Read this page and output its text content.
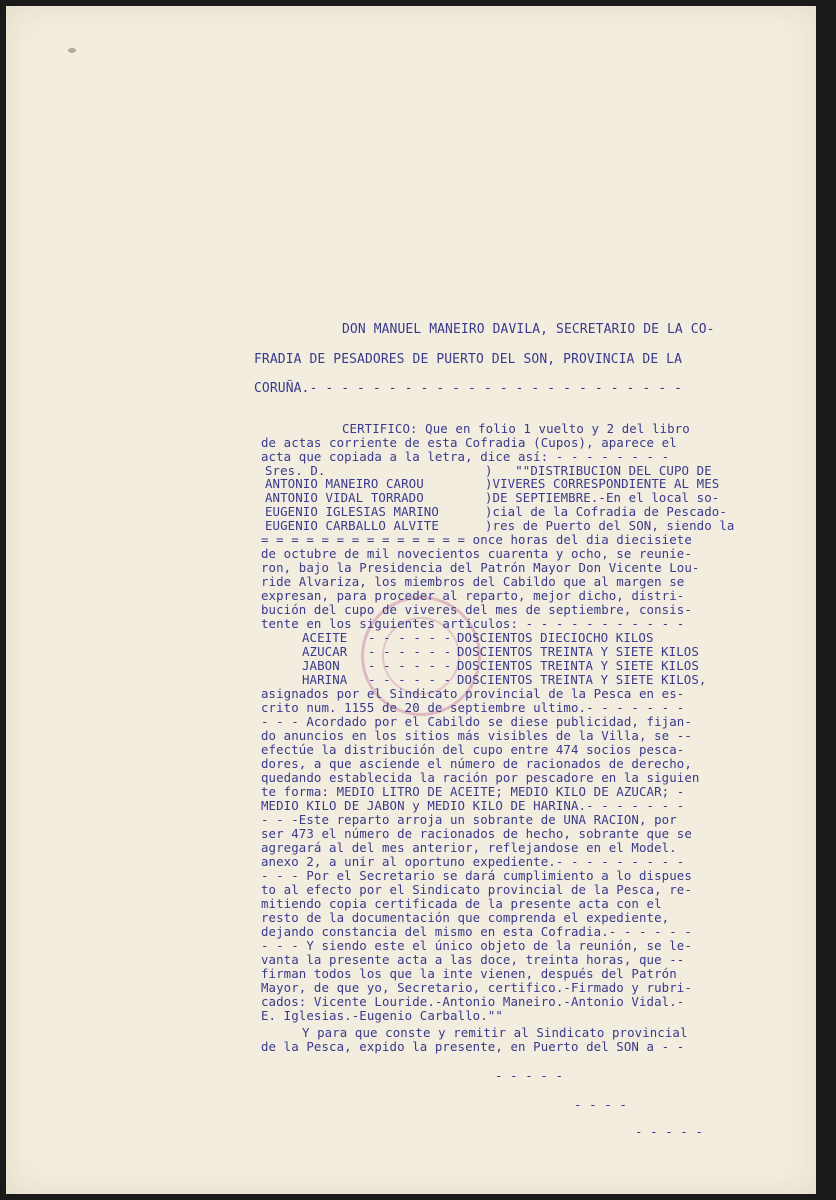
DON MANUEL MANEIRO DAVILA, SECRETARIO DE LA CO-

FRADIA DE PESADORES DE PUERTO DEL SON, PROVINCIA DE LA

CORUÑA.- - - - - - - - - - - - - - - - - - - - - - - -

CERTIFICO: Que en folio 1 vuelto y 2 del libro

de actas corriente de esta Cofradia (Cupos), aparece el

acta que copiada a la letra, dice así: - - - - - - - -

Sres. D.

ANTONIO MANEIRO CAROU

ANTONIO VIDAL TORRADO

EUGENIO IGLESIAS MARINO

EUGENIO CARBALLO ALVITE

)   ""DISTRIBUCION DEL CUPO DE

)VIVERES CORRESPONDIENTE AL MES

)DE SEPTIEMBRE.-En el local so-

)cial de la Cofradia de Pescado-

)res de Puerto del SON, siendo la

= = = = = = = = = = = = = = once horas del dia diecisiete

de octubre de mil novecientos cuarenta y ocho, se reunie-

ron, bajo la Presidencia del Patrón Mayor Don Vicente Lou-

ride Alvariza, los miembros del Cabildo que al margen se

expresan, para proceder al reparto, mejor dicho, distri-

bución del cupo de viveres del mes de septiembre, consis-

tente en los siguientes articulos: - - - - - - - - - - -

ACEITE - - - - - - DOSCIENTOS DIECIOCHO KILOS

AZUCAR - - - - - - DOSCIENTOS TREINTA Y SIETE KILOS

JABON - - - - - - DOSCIENTOS TREINTA Y SIETE KILOS

HARINA - - - - - - DOSCIENTOS TREINTA Y SIETE KILOS,

asignados por el Sindicato provincial de la Pesca en es-

crito num. 1155 de 20 de septiembre ultimo.- - - - - - -

- - - Acordado por el Cabildo se diese publicidad, fijan-

do anuncios en los sitios más visibles de la Villa, se --

efectúe la distribución del cupo entre 474 socios pesca-

dores, a que asciende el número de racionados de derecho,

quedando establecida la ración por pescadore en la siguien

te forma: MEDIO LITRO DE ACEITE; MEDIO KILO DE AZUCAR; -

MEDIO KILO DE JABON y MEDIO KILO DE HARINA.- - - - - - -

- - -Este reparto arroja un sobrante de UNA RACION, por

ser 473 el número de racionados de hecho, sobrante que se

agregará al del mes anterior, reflejandose en el Model.

anexo 2, a unir al oportuno expediente.- - - - - - - - -

- - - Por el Secretario se dará cumplimiento a lo dispues

to al efecto por el Sindicato provincial de la Pesca, re-

mitiendo copia certificada de la presente acta con el

resto de la documentación que comprenda el expediente,

dejando constancia del mismo en esta Cofradia.- - - - - -

- - - Y siendo este el único objeto de la reunión, se le-

vanta la presente acta a las doce, treinta horas, que --

firman todos los que la inte vienen, después del Patrón

Mayor, de que yo, Secretario, certifico.-Firmado y rubri-

cados: Vicente Louride.-Antonio Maneiro.-Antonio Vidal.-

E. Iglesias.-Eugenio Carballo.""

Y para que conste y remitir al Sindicato provincial

de la Pesca, expido la presente, en Puerto del SON a - -

- - - - -

- - - -

- - - - -
